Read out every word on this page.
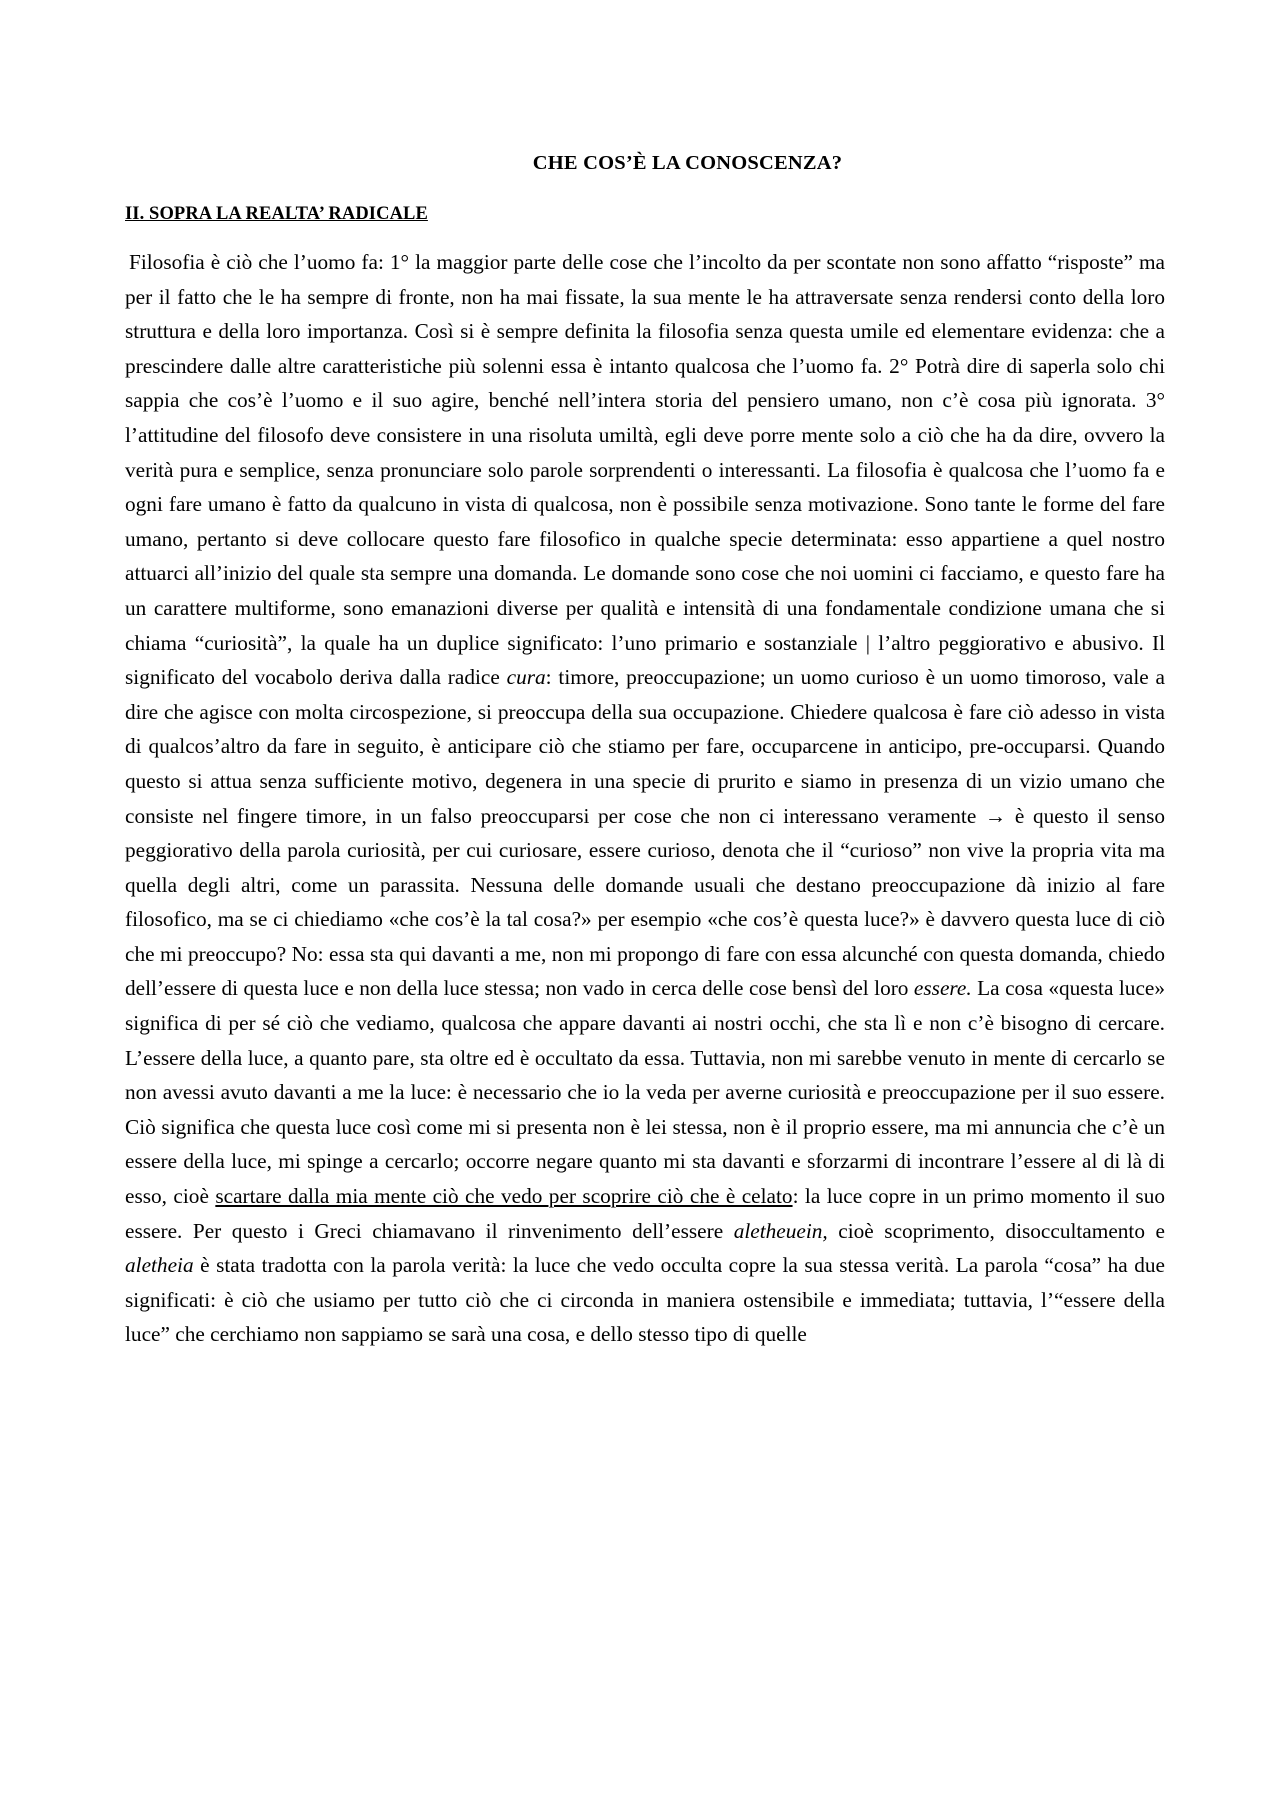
CHE COS’È LA CONOSCENZA?
II. SOPRA LA REALTA’ RADICALE

Filosofia è ciò che l’uomo fa: 1° la maggior parte delle cose che l’incolto da per scontate non sono affatto “risposte” ma per il fatto che le ha sempre di fronte, non ha mai fissate, la sua mente le ha attraversate senza rendersi conto della loro struttura e della loro importanza. Così si è sempre definita la filosofia senza questa umile ed elementare evidenza: che a prescindere dalle altre caratteristiche più solenni essa è intanto qualcosa che l’uomo fa. 2° Potrà dire di saperla solo chi sappia che cos’è l’uomo e il suo agire, benché nell’intera storia del pensiero umano, non c’è cosa più ignorata. 3° l’attitudine del filosofo deve consistere in una risoluta umiltà, egli deve porre mente solo a ciò che ha da dire, ovvero la verità pura e semplice, senza pronunciare solo parole sorprendenti o interessanti. La filosofia è qualcosa che l’uomo fa e ogni fare umano è fatto da qualcuno in vista di qualcosa, non è possibile senza motivazione. Sono tante le forme del fare umano, pertanto si deve collocare questo fare filosofico in qualche specie determinata: esso appartiene a quel nostro attuarci all’inizio del quale sta sempre una domanda. Le domande sono cose che noi uomini ci facciamo, e questo fare ha un carattere multiforme, sono emanazioni diverse per qualità e intensità di una fondamentale condizione umana che si chiama “curiosità”, la quale ha un duplice significato: l’uno primario e sostanziale | l’altro peggiorativo e abusivo. Il significato del vocabolo deriva dalla radice cura: timore, preoccupazione; un uomo curioso è un uomo timoroso, vale a dire che agisce con molta circospezione, si preoccupa della sua occupazione. Chiedere qualcosa è fare ciò adesso in vista di qualcos’altro da fare in seguito, è anticipare ciò che stiamo per fare, occuparcene in anticipo, pre-occuparsi. Quando questo si attua senza sufficiente motivo, degenera in una specie di prurito e siamo in presenza di un vizio umano che consiste nel fingere timore, in un falso preoccuparsi per cose che non ci interessano veramente → è questo il senso peggiorativo della parola curiosità, per cui curiosare, essere curioso, denota che il “curioso” non vive la propria vita ma quella degli altri, come un parassita. Nessuna delle domande usuali che destano preoccupazione dà inizio al fare filosofico, ma se ci chiediamo «che cos’è la tal cosa?» per esempio «che cos’è questa luce?» è davvero questa luce di ciò che mi preoccupo? No: essa sta qui davanti a me, non mi propongo di fare con essa alcunché con questa domanda, chiedo dell’essere di questa luce e non della luce stessa; non vado in cerca delle cose bensì del loro essere. La cosa «questa luce» significa di per sé ciò che vediamo, qualcosa che appare davanti ai nostri occhi, che sta lì e non c’è bisogno di cercare. L’essere della luce, a quanto pare, sta oltre ed è occultato da essa. Tuttavia, non mi sarebbe venuto in mente di cercarlo se non avessi avuto davanti a me la luce: è necessario che io la veda per averne curiosità e preoccupazione per il suo essere. Ciò significa che questa luce così come mi si presenta non è lei stessa, non è il proprio essere, ma mi annuncia che c’è un essere della luce, mi spinge a cercarlo; occorre negare quanto mi sta davanti e sforzarmi di incontrare l’essere al di là di esso, cioè scartare dalla mia mente ciò che vedo per scoprire ciò che è celato: la luce copre in un primo momento il suo essere. Per questo i Greci chiamavano il rinvenimento dell’essere aletheuein, cioè scoprimento, disoccultamento e aletheia è stata tradotta con la parola verità: la luce che vedo occulta copre la sua stessa verità. La parola “cosa” ha due significati: è ciò che usiamo per tutto ciò che ci circonda in maniera ostensibile e immediata; tuttavia, l’“essere della luce” che cerchiamo non sappiamo se sarà una cosa, e dello stesso tipo di quelle
